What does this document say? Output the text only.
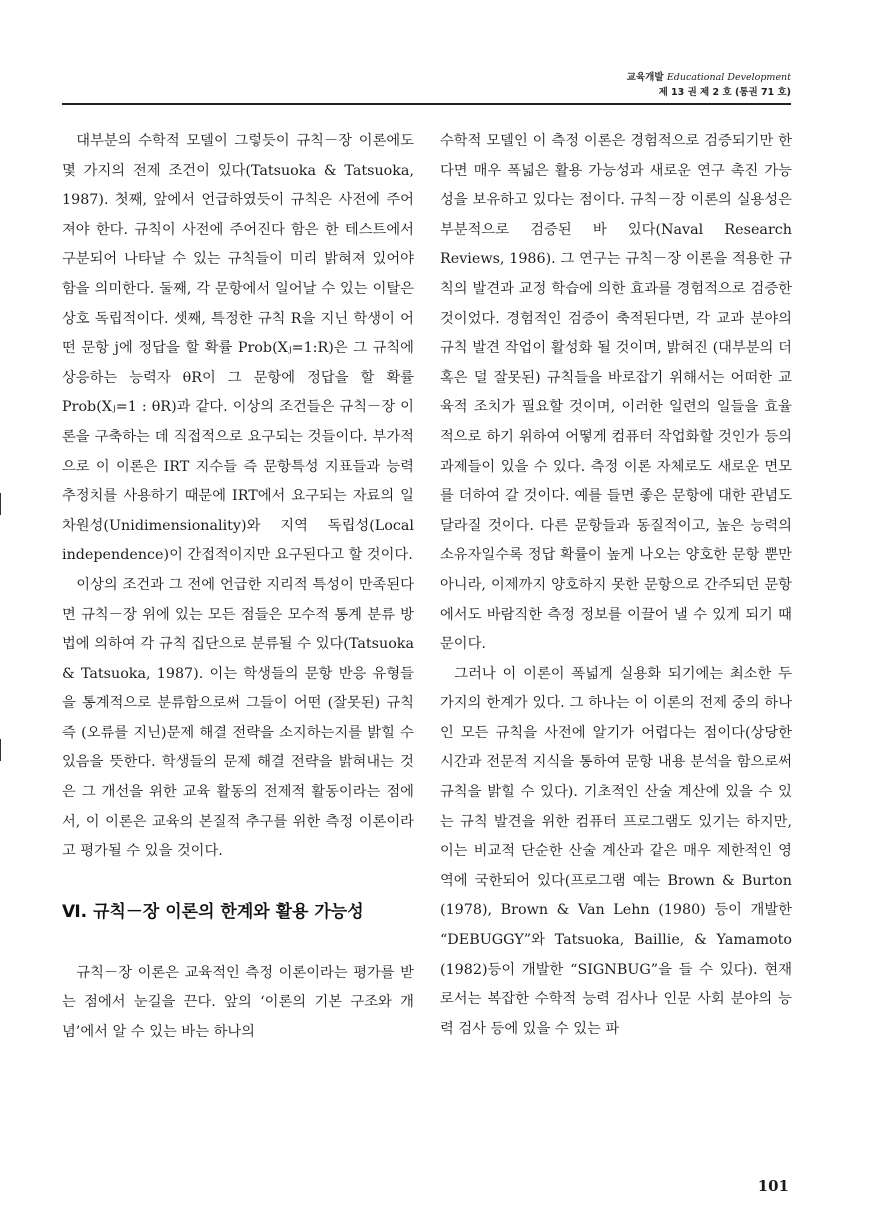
교육개발 Educational Development
제 13 권 제 2 호 (통권 71 호)

대부분의 수학적 모델이 그렇듯이 규칙－장 이론에도 몇 가지의 전제 조건이 있다(Tatsuoka & Tatsuoka, 1987). 첫째, 앞에서 언급하였듯이 규칙은 사전에 주어져야 한다. 규칙이 사전에 주어진다 함은 한 테스트에서 구분되어 나타날 수 있는 규칙들이 미리 밝혀져 있어야 함을 의미한다. 둘째, 각 문항에서 일어날 수 있는 이탈은 상호 독립적이다. 셋째, 특정한 규칙 R을 지닌 학생이 어떤 문항 j에 정답을 할 확률 Prob(Xⱼ=1:R)은 그 규칙에 상응하는 능력자 θR이 그 문항에 정답을 할 확률 Prob(Xⱼ=1 : θR)과 같다. 이상의 조건들은 규칙－장 이론을 구축하는 데 직접적으로 요구되는 것들이다. 부가적으로 이 이론은 IRT 지수들 즉 문항특성 지표들과 능력 추정치를 사용하기 때문에 IRT에서 요구되는 자료의 일차원성(Unidimensionality)와 지역 독립성(Local independence)이 간접적이지만 요구된다고 할 것이다.

이상의 조건과 그 전에 언급한 지리적 특성이 만족된다면 규칙－장 위에 있는 모든 점들은 모수적 통계 분류 방법에 의하여 각 규칙 집단으로 분류될 수 있다(Tatsuoka & Tatsuoka, 1987). 이는 학생들의 문항 반응 유형들을 통계적으로 분류함으로써 그들이 어떤 (잘못된) 규칙 즉 (오류를 지닌)문제 해결 전략을 소지하는지를 밝힐 수 있음을 뜻한다. 학생들의 문제 해결 전략을 밝혀내는 것은 그 개선을 위한 교육 활동의 전제적 활동이라는 점에서, 이 이론은 교육의 본질적 추구를 위한 측정 이론이라고 평가될 수 있을 것이다.

Ⅵ. 규칙－장 이론의 한계와 활용 가능성

규칙－장 이론은 교육적인 측정 이론이라는 평가를 받는 점에서 눈길을 끈다. 앞의 ‘이론의 기본 구조와 개념’에서 알 수 있는 바는 하나의

수학적 모델인 이 측정 이론은 경험적으로 검증되기만 한다면 매우 폭넓은 활용 가능성과 새로운 연구 촉진 가능성을 보유하고 있다는 점이다. 규칙－장 이론의 실용성은 부분적으로 검증된 바 있다(Naval Research Reviews, 1986). 그 연구는 규칙－장 이론을 적용한 규칙의 발견과 교정 학습에 의한 효과를 경험적으로 검증한 것이었다. 경험적인 검증이 축적된다면, 각 교과 분야의 규칙 발견 작업이 활성화 될 것이며, 밝혀진 (대부분의 더 혹은 덜 잘못된) 규칙들을 바로잡기 위해서는 어떠한 교육적 조치가 필요할 것이며, 이러한 일련의 일들을 효율적으로 하기 위하여 어떻게 컴퓨터 작업화할 것인가 등의 과제들이 있을 수 있다. 측정 이론 자체로도 새로운 면모를 더하여 갈 것이다. 예를 들면 좋은 문항에 대한 관념도 달라질 것이다. 다른 문항들과 동질적이고, 높은 능력의 소유자일수록 정답 확률이 높게 나오는 양호한 문항 뿐만 아니라, 이제까지 양호하지 못한 문항으로 간주되던 문항에서도 바람직한 측정 정보를 이끌어 낼 수 있게 되기 때문이다.

그러나 이 이론이 폭넓게 실용화 되기에는 최소한 두 가지의 한계가 있다. 그 하나는 이 이론의 전제 중의 하나인 모든 규칙을 사전에 알기가 어렵다는 점이다(상당한 시간과 전문적 지식을 통하여 문항 내용 분석을 함으로써 규칙을 밝힐 수 있다). 기초적인 산술 계산에 있을 수 있는 규칙 발견을 위한 컴퓨터 프로그램도 있기는 하지만, 이는 비교적 단순한 산술 계산과 같은 매우 제한적인 영역에 국한되어 있다(프로그램 예는 Brown & Burton (1978), Brown & Van Lehn (1980) 등이 개발한 “DEBUGGY”와 Tatsuoka, Baillie, & Yamamoto (1982)등이 개발한 “SIGNBUG”을 들 수 있다). 현재로서는 복잡한 수학적 능력 검사나 인문 사회 분야의 능력 검사 등에 있을 수 있는 파

101
